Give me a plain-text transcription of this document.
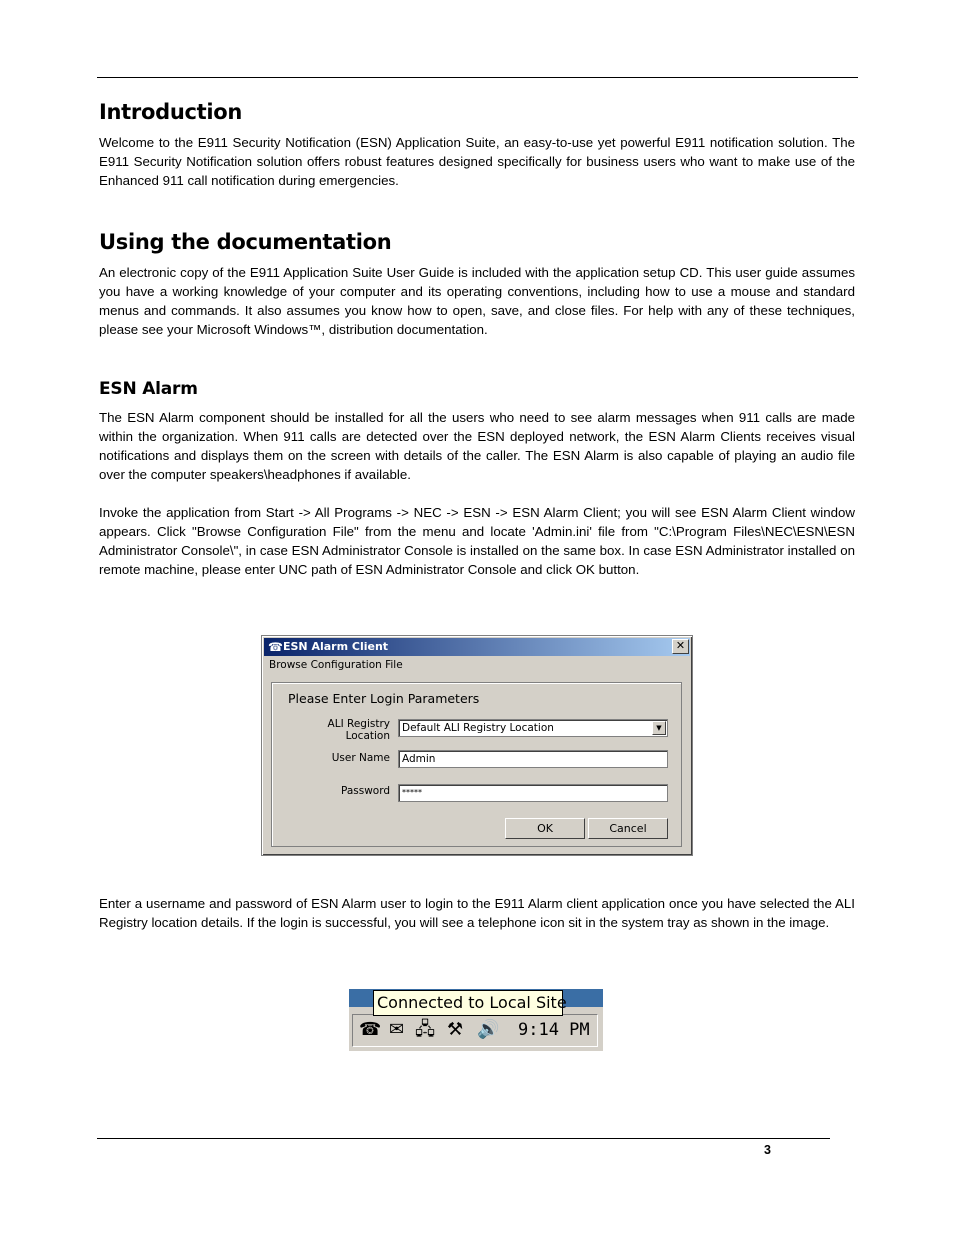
Introduction

Welcome to the E911 Security Notification (ESN) Application Suite, an easy-to-use yet powerful E911 notification solution. The E911 Security Notification solution offers robust features designed specifically for business users who want to make use of the Enhanced 911 call notification during emergencies.

Using the documentation

An electronic copy of the E911 Application Suite User Guide is included with the application setup CD. This user guide assumes you have a working knowledge of your computer and its operating conventions, including how to use a mouse and standard menus and commands. It also assumes you know how to open, save, and close files. For help with any of these techniques, please see your Microsoft Windows™, distribution documentation.

ESN Alarm

The ESN Alarm component should be installed for all the users who need to see alarm messages when 911 calls are made within the organization. When 911 calls are detected over the ESN deployed network, the ESN Alarm Clients receives visual notifications and displays them on the screen with details of the caller. The ESN Alarm is also capable of playing an audio file over the computer speakers\headphones if available.

Invoke the application from Start -> All Programs -> NEC -> ESN -> ESN Alarm Client; you will see ESN Alarm Client window appears. Click "Browse Configuration File" from the menu and locate 'Admin.ini' file from "C:\Program Files\NEC\ESN\ESN Administrator Console\", in case ESN Administrator Console is installed on the same box. In case ESN Administrator installed on remote machine, please enter UNC path of ESN Administrator Console and click OK button.

☎ ESN Alarm Client	✕
Browse Configuration File
Please Enter Login Parameters
ALI Registry Location
Default ALI Registry Location	▼
User Name	Admin
Password	*****
OK	Cancel

Enter a username and password of ESN Alarm user to login to the E911 Alarm client application once you have selected the ALI Registry location details. If the login is successful, you will see a telephone icon sit in the system tray as shown in the image.

☎ ✉ 🖧 ⚒ 🔊 9:14 PM
Connected to Local Site
3
